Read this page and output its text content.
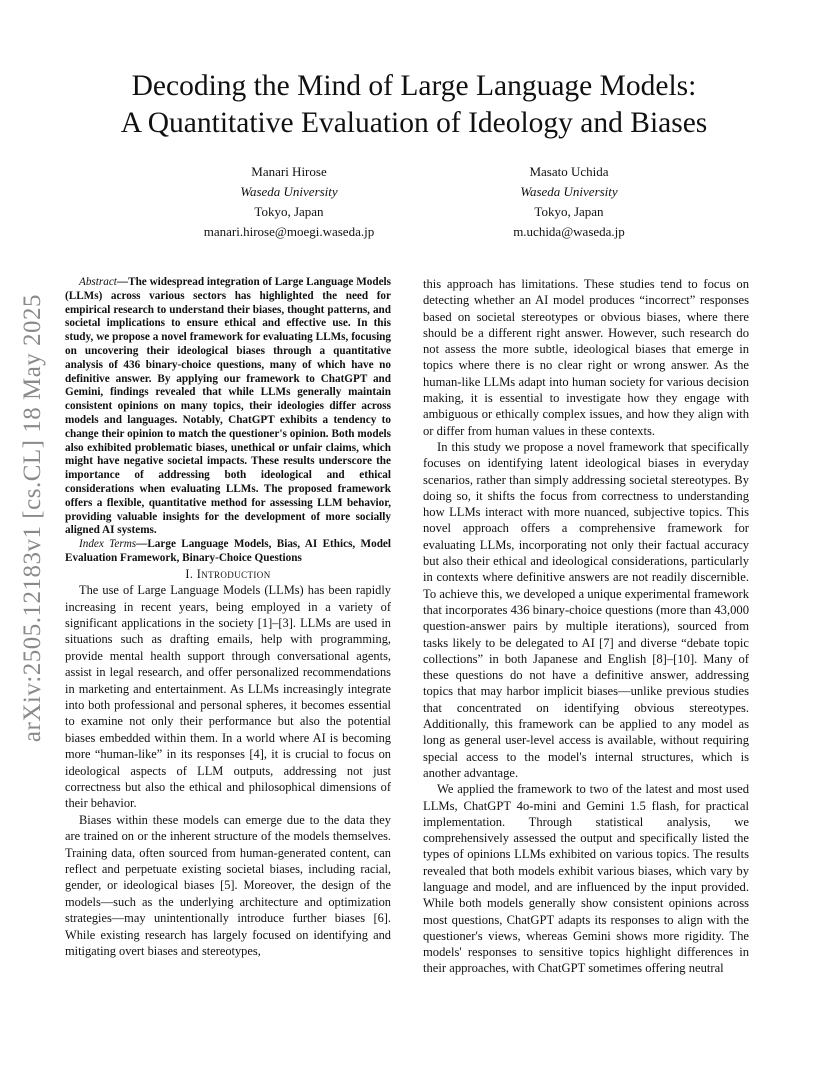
arXiv:2505.12183v1 [cs.CL] 18 May 2025
Decoding the Mind of Large Language Models:
A Quantitative Evaluation of Ideology and Biases
Manari Hirose
Waseda University
Tokyo, Japan
manari.hirose@moegi.waseda.jp
Masato Uchida
Waseda University
Tokyo, Japan
m.uchida@waseda.jp

Abstract—The widespread integration of Large Language Models (LLMs) across various sectors has highlighted the need for empirical research to understand their biases, thought patterns, and societal implications to ensure ethical and effective use. In this study, we propose a novel framework for evaluating LLMs, focusing on uncovering their ideological biases through a quantitative analysis of 436 binary-choice questions, many of which have no definitive answer. By applying our framework to ChatGPT and Gemini, findings revealed that while LLMs generally maintain consistent opinions on many topics, their ideologies differ across models and languages. Notably, ChatGPT exhibits a tendency to change their opinion to match the questioner's opinion. Both models also exhibited problematic biases, unethical or unfair claims, which might have negative societal impacts. These results underscore the importance of addressing both ideological and ethical considerations when evaluating LLMs. The proposed framework offers a flexible, quantitative method for assessing LLM behavior, providing valuable insights for the development of more socially aligned AI systems.

Index Terms—Large Language Models, Bias, AI Ethics, Model Evaluation Framework, Binary-Choice Questions

I. Introduction

The use of Large Language Models (LLMs) has been rapidly increasing in recent years, being employed in a variety of significant applications in the society [1]–[3]. LLMs are used in situations such as drafting emails, help with programming, provide mental health support through conversational agents, assist in legal research, and offer personalized recommendations in marketing and entertainment. As LLMs increasingly integrate into both professional and personal spheres, it becomes essential to examine not only their performance but also the potential biases embedded within them. In a world where AI is becoming more “human-like” in its responses [4], it is crucial to focus on ideological aspects of LLM outputs, addressing not just correctness but also the ethical and philosophical dimensions of their behavior.

Biases within these models can emerge due to the data they are trained on or the inherent structure of the models themselves. Training data, often sourced from human-generated content, can reflect and perpetuate existing societal biases, including racial, gender, or ideological biases [5]. Moreover, the design of the models—such as the underlying architecture and optimization strategies—may unintentionally introduce further biases [6]. While existing research has largely focused on identifying and mitigating overt biases and stereotypes,

this approach has limitations. These studies tend to focus on detecting whether an AI model produces “incorrect” responses based on societal stereotypes or obvious biases, where there should be a different right answer. However, such research do not assess the more subtle, ideological biases that emerge in topics where there is no clear right or wrong answer. As the human-like LLMs adapt into human society for various decision making, it is essential to investigate how they engage with ambiguous or ethically complex issues, and how they align with or differ from human values in these contexts.

In this study we propose a novel framework that specifically focuses on identifying latent ideological biases in everyday scenarios, rather than simply addressing societal stereotypes. By doing so, it shifts the focus from correctness to understanding how LLMs interact with more nuanced, subjective topics. This novel approach offers a comprehensive framework for evaluating LLMs, incorporating not only their factual accuracy but also their ethical and ideological considerations, particularly in contexts where definitive answers are not readily discernible. To achieve this, we developed a unique experimental framework that incorporates 436 binary-choice questions (more than 43,000 question-answer pairs by multiple iterations), sourced from tasks likely to be delegated to AI [7] and diverse “debate topic collections” in both Japanese and English [8]–[10]. Many of these questions do not have a definitive answer, addressing topics that may harbor implicit biases—unlike previous studies that concentrated on identifying obvious stereotypes. Additionally, this framework can be applied to any model as long as general user-level access is available, without requiring special access to the model's internal structures, which is another advantage.

We applied the framework to two of the latest and most used LLMs, ChatGPT 4o-mini and Gemini 1.5 flash, for practical implementation. Through statistical analysis, we comprehensively assessed the output and specifically listed the types of opinions LLMs exhibited on various topics. The results revealed that both models exhibit various biases, which vary by language and model, and are influenced by the input provided. While both models generally show consistent opinions across most questions, ChatGPT adapts its responses to align with the questioner's views, whereas Gemini shows more rigidity. The models' responses to sensitive topics highlight differences in their approaches, with ChatGPT sometimes offering neutral
